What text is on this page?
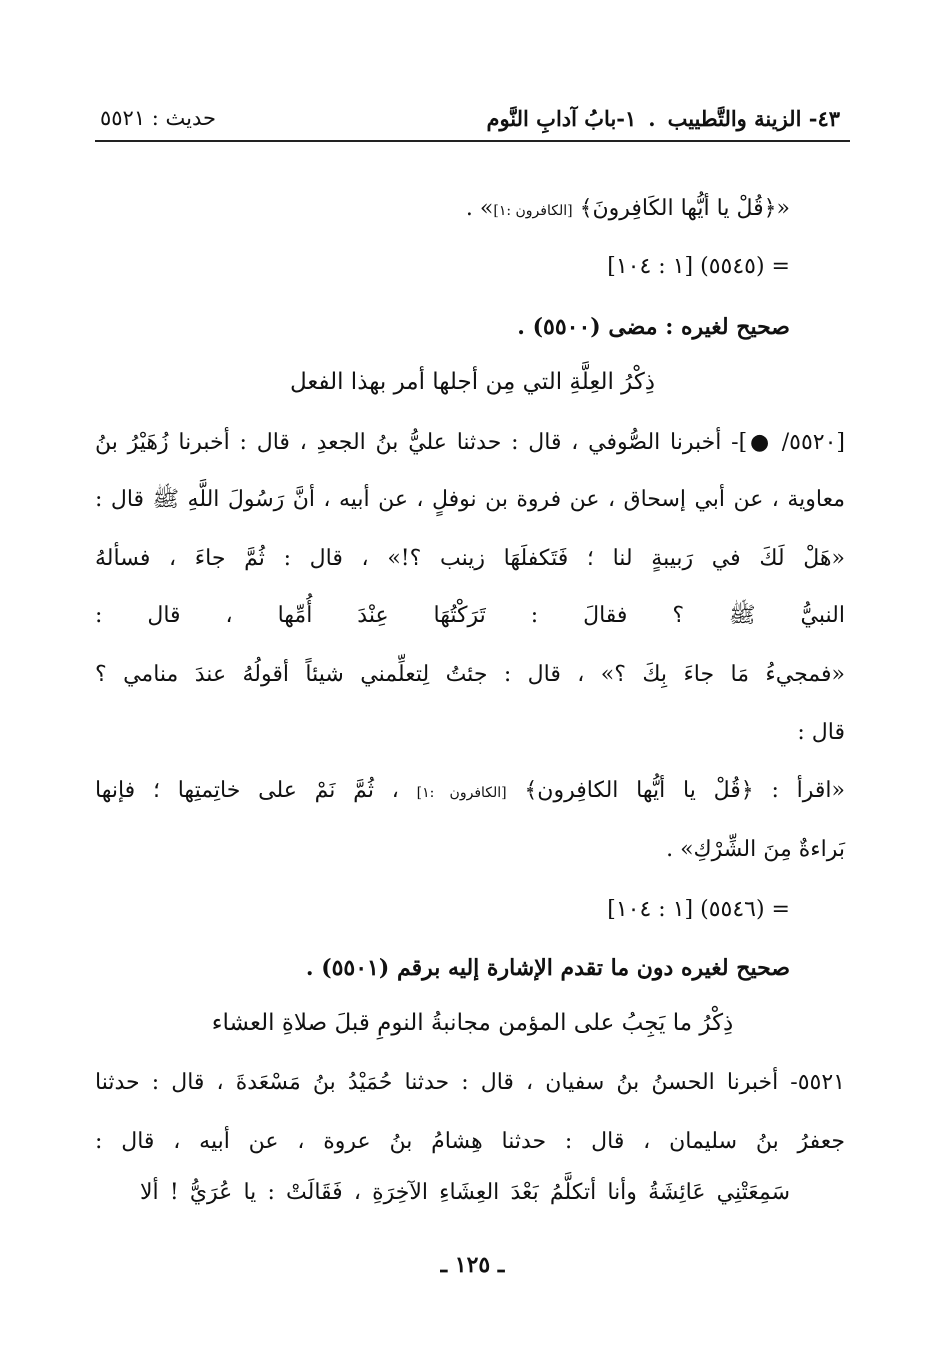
٤٣- الزينة والتَّطييب.١-بابُ آدابِ النَّوم
حديث : ٥٥٢١
«﴿قُلْ يا أيُّها الكَافِرونَ﴾ [الكافرون :١]» .
= (٥٥٤٥) [١ : ١٠٤]
صحيح لغيره : مضى (٥٥٠٠) .
ذِكْرُ العِلَّةِ التي مِن أجلها أمر بهذا الفعل
[٥٥٢٠/ ●]- أخبرنا الصُّوفي ، قال : حدثنا عليُّ بنُ الجعدِ ، قال : أخبرنا زُهَيْرُ بنُ
معاوية ، عن أبي إسحاق ، عن فروة بن نوفلٍ ، عن أبيه ، أنَّ رَسُولَ اللَّهِ ﷺ قال :
«هَلْ لَكَ في رَبيبةٍ لنا ؛ فَتَكفلَهَا زينب ؟!» ، قال : ثُمَّ جاءَ ، فسألهُ
النبيُّ ﷺ ؟ فقالَ : تَرَكْتُهَا عِنْدَ أُمِّها ، قال :
«فمجيءُ مَا جاءَ بِكَ ؟» ، قال : جئتُ لِتعلِّمني شيئاً أقولُهُ عندَ منامي ؟
قال :
«اقرأ : ﴿قُلْ يا أيُّها الكافِرون﴾ [الكافرون :١] ، ثُمَّ نَمْ على خاتِمتِها ؛ فإنها
بَراءةٌ مِنَ الشِّرْكِ» .
= (٥٥٤٦) [١ : ١٠٤]
صحيح لغيره دون ما تقدم الإشارة إليه برقم (٥٥٠١) .
ذِكْرُ ما يَجِبُ على المؤمن مجانبةُ النومِ قبلَ صلاةِ العشاء
٥٥٢١- أخبرنا الحسنُ بنُ سفيان ، قال : حدثنا حُمَيْدُ بنُ مَسْعَدةَ ، قال : حدثنا
جعفرُ بنُ سليمان ، قال : حدثنا هِشامُ بنُ عروة ، عن أبيه ، قال :
سَمِعَتْنِي عَائِشَةُ وأنا أتكلَّمُ بَعْدَ العِشَاءِ الآخِرَةِ ، فَقَالَتْ : يا عُرَيُّ ! ألا
ـ ١٢٥ ـ
